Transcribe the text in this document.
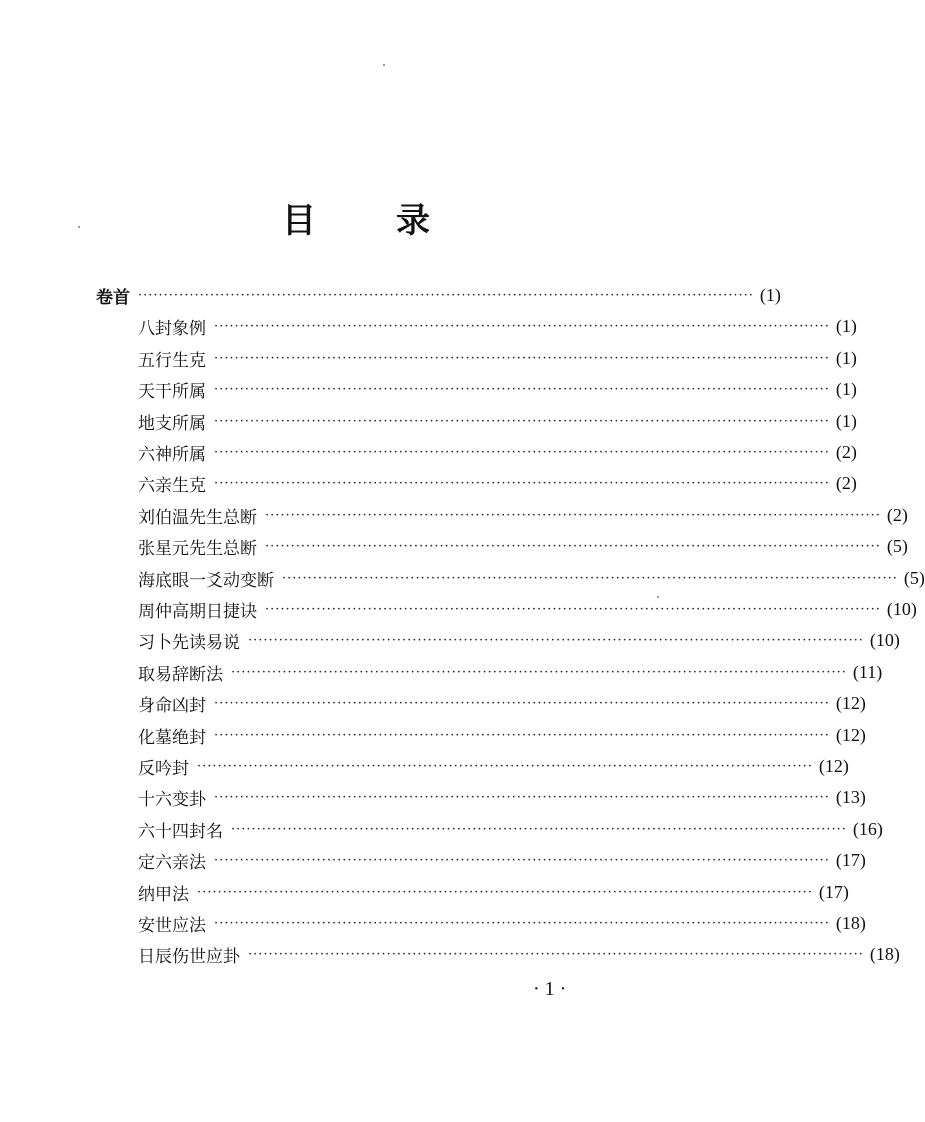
目 录
卷首 ························································································································ (1)
八封象例 ························································································································ (1)
五行生克 ························································································································ (1)
天干所属 ························································································································ (1)
地支所属 ························································································································ (1)
六神所属 ························································································································ (2)
六亲生克 ························································································································ (2)
刘伯温先生总断 ························································································································ (2)
张星元先生总断 ························································································································ (5)
海底眼一爻动变断 ························································································································ (5)
周仲高期日捷诀 ························································································································ (10)
习卜先读易说 ························································································································ (10)
取易辞断法 ························································································································ (11)
身命凶封 ························································································································ (12)
化墓绝封 ························································································································ (12)
反吟封 ························································································································ (12)
十六变卦 ························································································································ (13)
六十四封名 ························································································································ (16)
定六亲法 ························································································································ (17)
纳甲法 ························································································································ (17)
安世应法 ························································································································ (18)
日辰伤世应卦 ························································································································ (18)
· 1 ·
